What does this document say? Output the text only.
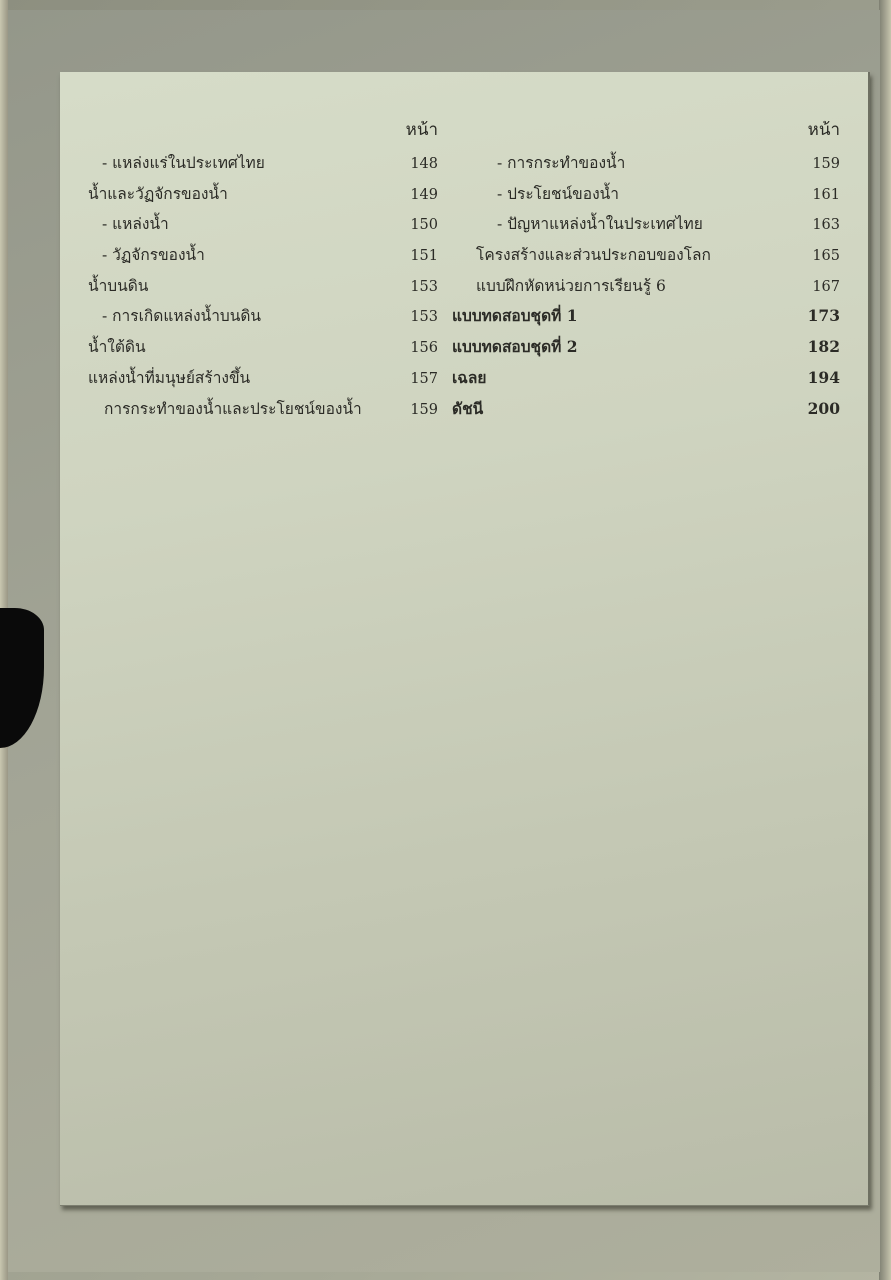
หน้า
- แหล่งแร่ในประเทศไทย	148
น้ำและวัฏจักรของน้ำ	149
- แหล่งน้ำ	150
- วัฏจักรของน้ำ	151
น้ำบนดิน	153
- การเกิดแหล่งน้ำบนดิน	153
น้ำใต้ดิน	156
แหล่งน้ำที่มนุษย์สร้างขึ้น	157
การกระทำของน้ำและประโยชน์ของน้ำ	159
หน้า
- การกระทำของน้ำ	159
- ประโยชน์ของน้ำ	161
- ปัญหาแหล่งน้ำในประเทศไทย	163
โครงสร้างและส่วนประกอบของโลก	165
แบบฝึกหัดหน่วยการเรียนรู้ 6	167
แบบทดสอบชุดที่ 1	173
แบบทดสอบชุดที่ 2	182
เฉลย	194
ดัชนี	200
